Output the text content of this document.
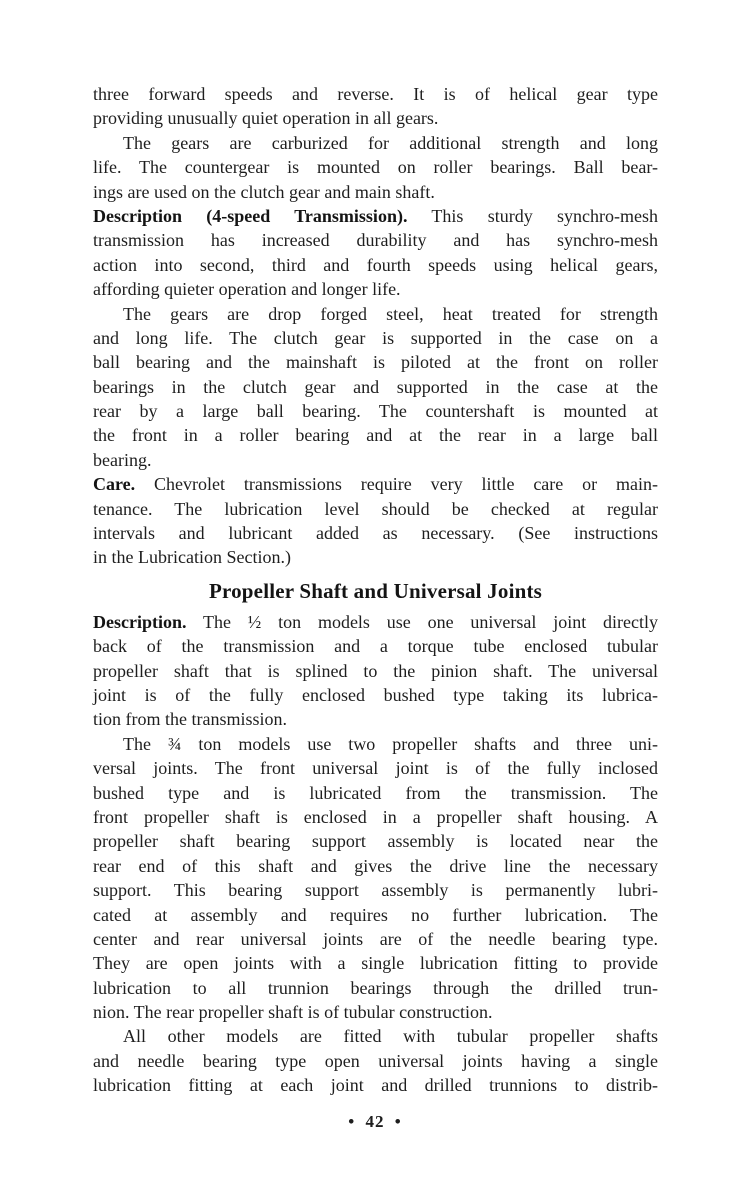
three forward speeds and reverse. It is of helical gear type
providing unusually quiet operation in all gears.
The gears are carburized for additional strength and long
life. The countergear is mounted on roller bearings. Ball bear-
ings are used on the clutch gear and main shaft.
Description (4-speed Transmission). This sturdy synchro-mesh
transmission has increased durability and has synchro-mesh
action into second, third and fourth speeds using helical gears,
affording quieter operation and longer life.
The gears are drop forged steel, heat treated for strength
and long life. The clutch gear is supported in the case on a
ball bearing and the mainshaft is piloted at the front on roller
bearings in the clutch gear and supported in the case at the
rear by a large ball bearing. The countershaft is mounted at
the front in a roller bearing and at the rear in a large ball
bearing.
Care. Chevrolet transmissions require very little care or main-
tenance. The lubrication level should be checked at regular
intervals and lubricant added as necessary. (See instructions
in the Lubrication Section.)
Propeller Shaft and Universal Joints
Description. The ½ ton models use one universal joint directly
back of the transmission and a torque tube enclosed tubular
propeller shaft that is splined to the pinion shaft. The universal
joint is of the fully enclosed bushed type taking its lubrica-
tion from the transmission.
The ¾ ton models use two propeller shafts and three uni-
versal joints. The front universal joint is of the fully inclosed
bushed type and is lubricated from the transmission. The
front propeller shaft is enclosed in a propeller shaft housing. A
propeller shaft bearing support assembly is located near the
rear end of this shaft and gives the drive line the necessary
support. This bearing support assembly is permanently lubri-
cated at assembly and requires no further lubrication. The
center and rear universal joints are of the needle bearing type.
They are open joints with a single lubrication fitting to provide
lubrication to all trunnion bearings through the drilled trun-
nion. The rear propeller shaft is of tubular construction.
All other models are fitted with tubular propeller shafts
and needle bearing type open universal joints having a single
lubrication fitting at each joint and drilled trunnions to distrib-
• 42 •
